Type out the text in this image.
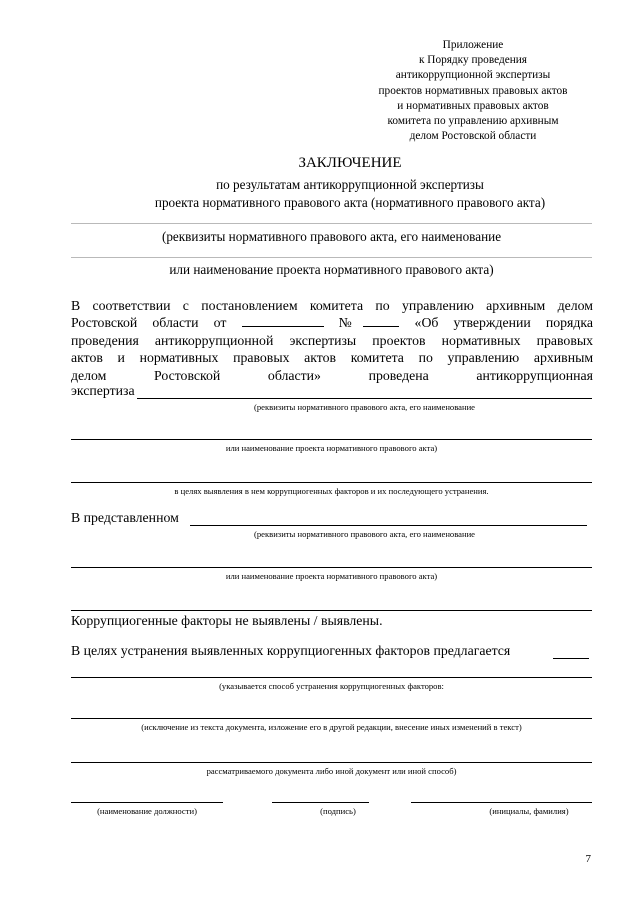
Приложение
к Порядку проведения
антикоррупционной экспертизы
проектов нормативных правовых актов
и нормативных правовых актов
комитета по управлению архивным
делом Ростовской области
ЗАКЛЮЧЕНИЕ
по результатам антикоррупционной экспертизы
проекта нормативного правового акта (нормативного правового акта)
(реквизиты нормативного правового акта, его наименование
или наименование проекта нормативного правового акта)
В соответствии с постановлением комитета по управлению архивным делом
Ростовской области от	№	«Об утверждении порядка
проведения антикоррупционной экспертизы проектов нормативных правовых
актов и нормативных правовых актов комитета по управлению архивным
делом	Ростовской	области»	проведена	антикоррупционная
экспертиза
(реквизиты нормативного правового акта, его наименование
или наименование проекта нормативного правового акта)
в целях выявления в нем коррупциогенных факторов и их последующего устранения.
В представленном
(реквизиты нормативного правового акта, его наименование
или наименование проекта нормативного правового акта)
Коррупциогенные факторы не выявлены / выявлены.
В целях устранения выявленных коррупциогенных факторов предлагается
(указывается способ устранения коррупциогенных факторов:
(исключение из текста документа, изложение его в другой редакции, внесение иных изменений в текст)
рассматриваемого документа либо иной документ или иной способ)
(наименование должности)	(подпись)	(инициалы, фамилия)
7
